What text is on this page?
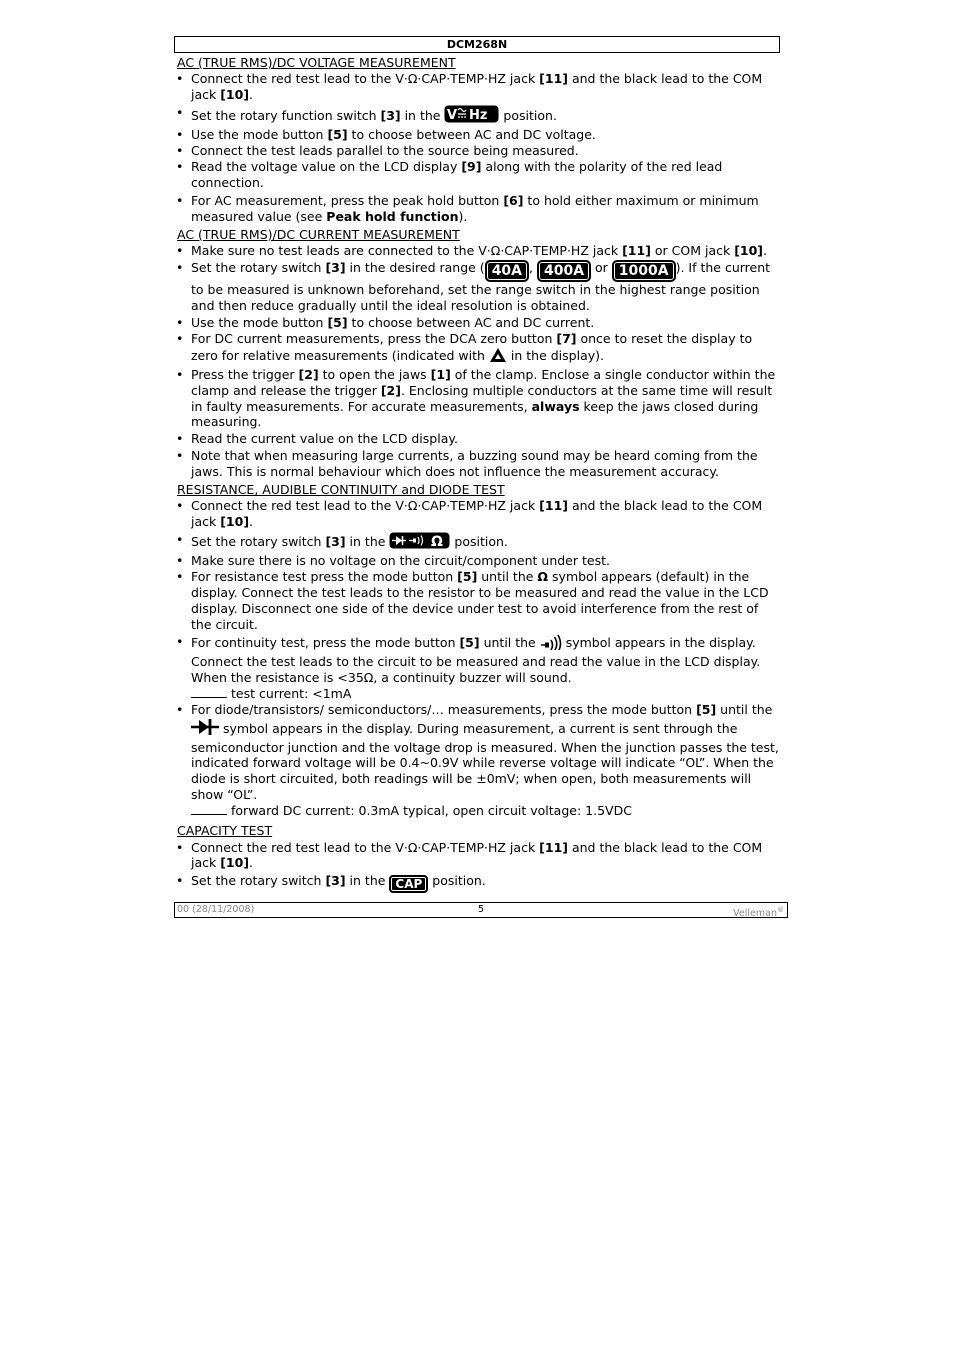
DCM268N
AC (TRUE RMS)/DC VOLTAGE MEASUREMENT
• Connect the red test lead to the V·Ω·CAP·TEMP·HZ jack [11] and the black lead to the COM jack [10].
• Set the rotary function switch [3] in the V Hz position.
• Use the mode button [5] to choose between AC and DC voltage.
• Connect the test leads parallel to the source being measured.
• Read the voltage value on the LCD display [9] along with the polarity of the red lead connection.
• For AC measurement, press the peak hold button [6] to hold either maximum or minimum measured value (see Peak hold function).
AC (TRUE RMS)/DC CURRENT MEASUREMENT
• Make sure no test leads are connected to the V·Ω·CAP·TEMP·HZ jack [11] or COM jack [10].
• Set the rotary switch [3] in the desired range ( 40A , 400A or 1000A ). If the current to be measured is unknown beforehand, set the range switch in the highest range position and then reduce gradually until the ideal resolution is obtained.
• Use the mode button [5] to choose between AC and DC current.
• For DC current measurements, press the DCA zero button [7] once to reset the display to zero for relative measurements (indicated with  in the display).
• Press the trigger [2] to open the jaws [1] of the clamp. Enclose a single conductor within the clamp and release the trigger [2]. Enclosing multiple conductors at the same time will result in faulty measurements. For accurate measurements, always keep the jaws closed during measuring.
• Read the current value on the LCD display.
• Note that when measuring large currents, a buzzing sound may be heard coming from the jaws. This is normal behaviour which does not influence the measurement accuracy.
RESISTANCE, AUDIBLE CONTINUITY and DIODE TEST
• Connect the red test lead to the V·Ω·CAP·TEMP·HZ jack [11] and the black lead to the COM jack [10].
• Set the rotary switch [3] in the	Ω position.
• Make sure there is no voltage on the circuit/component under test.
• For resistance test press the mode button [5] until the Ω symbol appears (default) in the display. Connect the test leads to the resistor to be measured and read the value in the LCD display. Disconnect one side of the device under test to avoid interference from the rest of the circuit.
• For continuity test, press the mode button [5] until the  symbol appears in the display. Connect the test leads to the circuit to be measured and read the value in the LCD display. When the resistance is <35Ω, a continuity buzzer will sound.
test current: <1mA
• For diode/transistors/ semiconductors/… measurements, press the mode button [5] until the  symbol appears in the display. During measurement, a current is sent through the semiconductor junction and the voltage drop is measured. When the junction passes the test, indicated forward voltage will be 0.4~0.9V while reverse voltage will indicate “OL”. When the diode is short circuited, both readings will be ±0mV; when open, both measurements will show “OL”.
forward DC current: 0.3mA typical, open circuit voltage: 1.5VDC
CAPACITY TEST
• Connect the red test lead to the V·Ω·CAP·TEMP·HZ jack [11] and the black lead to the COM jack [10].
• Set the rotary switch [3] in the CAP position.
00 (28/11/2008)	5	Velleman®
